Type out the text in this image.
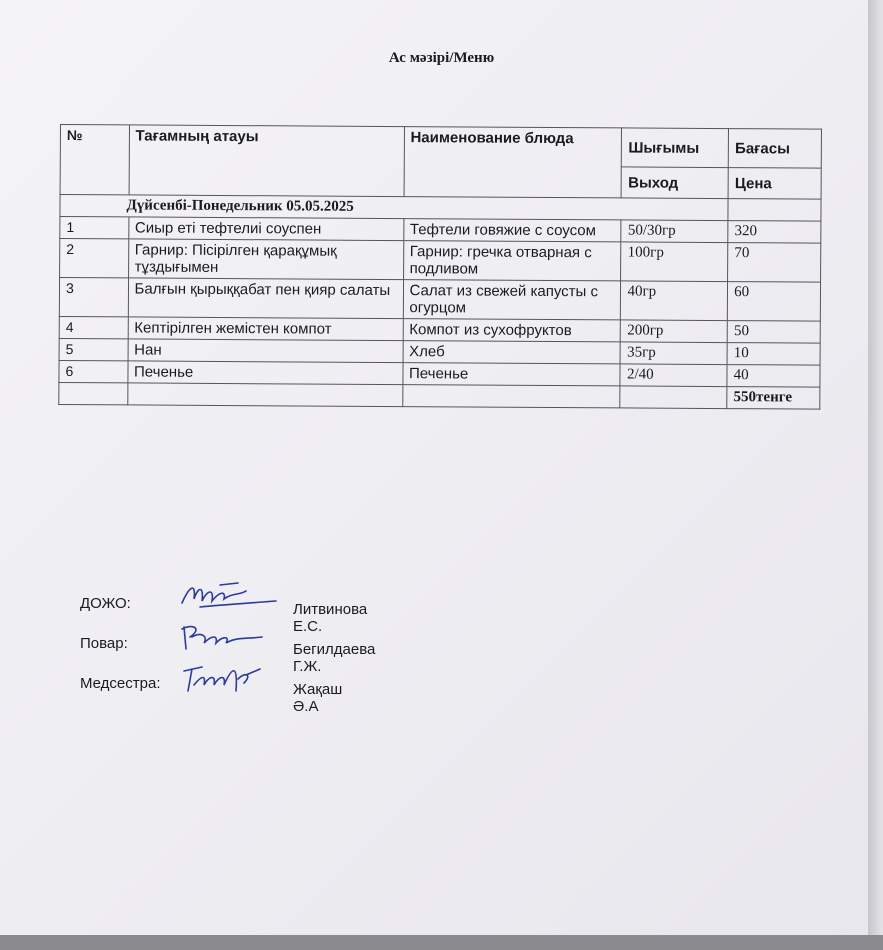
Ас мәзірі/Меню
№	Тағамның атауы	Наименование блюда	Шығымы	Бағасы
			Выход	Цена
Дүйсенбі-Понедельник 05.05.2025				
1	Сиыр еті тефтелиі соуспен	Тефтели говяжие с соусом	50/30гр	320
2	Гарнир: Пісірілген қарақұмық тұздығымен	Гарнир: гречка отварная с подливом	100гр	70
3	Балғын қырыққабат пен қияр салаты	Салат из свежей капусты с огурцом	40гр	60
4	Кептірілген жемістен компот	Компот из сухофруктов	200гр	50
5	Нан	Хлеб	35гр	10
6	Печенье	Печенье	2/40	40
				550тенге
ДОЖО:	Литвинова Е.С.
Повар:	Бегилдаева Г.Ж.
Медсестра:	Жақаш Ә.А
